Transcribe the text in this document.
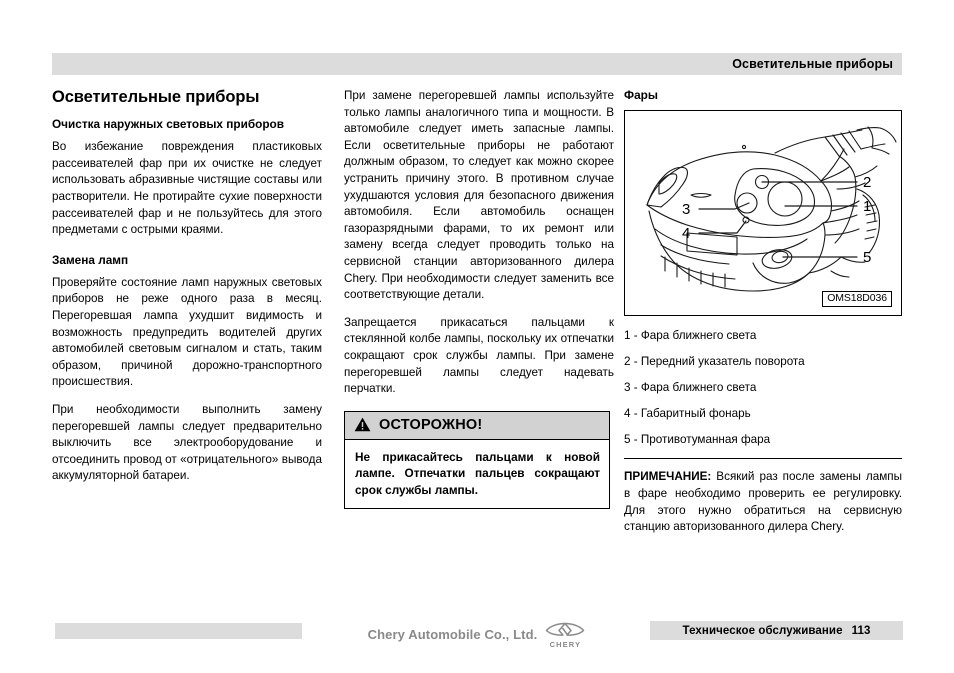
Осветительные приборы
Осветительные приборы
Очистка наружных световых приборов

Во избежание повреждения пластиковых рассеивателей фар при их очистке не следует использовать абразивные чистящие составы или растворители. Не протирайте сухие поверхности рассеивателей фар и не пользуйтесь для этого предметами с острыми краями.

Замена ламп

Проверяйте состояние ламп наружных световых приборов не реже одного раза в месяц. Перегоревшая лампа ухудшит видимость и возможность предупредить водителей других автомобилей световым сигналом и стать, таким образом, причиной дорожно-транспортного происшествия.

При необходимости выполнить замену перегоревшей лампы следует предварительно выключить все электрооборудование и отсоединить провод от «отрицательного» вывода аккумуляторной батареи.

При замене перегоревшей лампы используйте только лампы аналогичного типа и мощности. В автомобиле следует иметь запасные лампы. Если осветительные приборы не работают должным образом, то следует как можно скорее устранить причину этого. В противном случае ухудшаются условия для безопасного движения автомобиля. Если автомобиль оснащен газоразрядными фарами, то их ремонт или замену всегда следует проводить только на сервисной станции авторизованного дилера Chery. При необходимости следует заменить все соответствующие детали.

Запрещается прикасаться пальцами к стеклянной колбе лампы, поскольку их отпечатки сокращают срок службы лампы. При замене перегоревшей лампы следует надевать перчатки.

ОСТОРОЖНО!
Не прикасайтесь пальцами к новой лампе. Отпечатки пальцев сокращают срок службы лампы.
Фары
3
4
2
1
5
OMS18D036
1 - Фара ближнего света
2 - Передний указатель поворота
3 - Фара ближнего света
4 - Габаритный фонарь
5 - Противотуманная фара

ПРИМЕЧАНИЕ: Всякий раз после замены лампы в фаре необходимо проверить ее регулировку. Для этого нужно обратиться на сервисную станцию авторизованного дилера Chery.

Chery Automobile Co., Ltd.
CHERY
Техническое обслуживание 113
